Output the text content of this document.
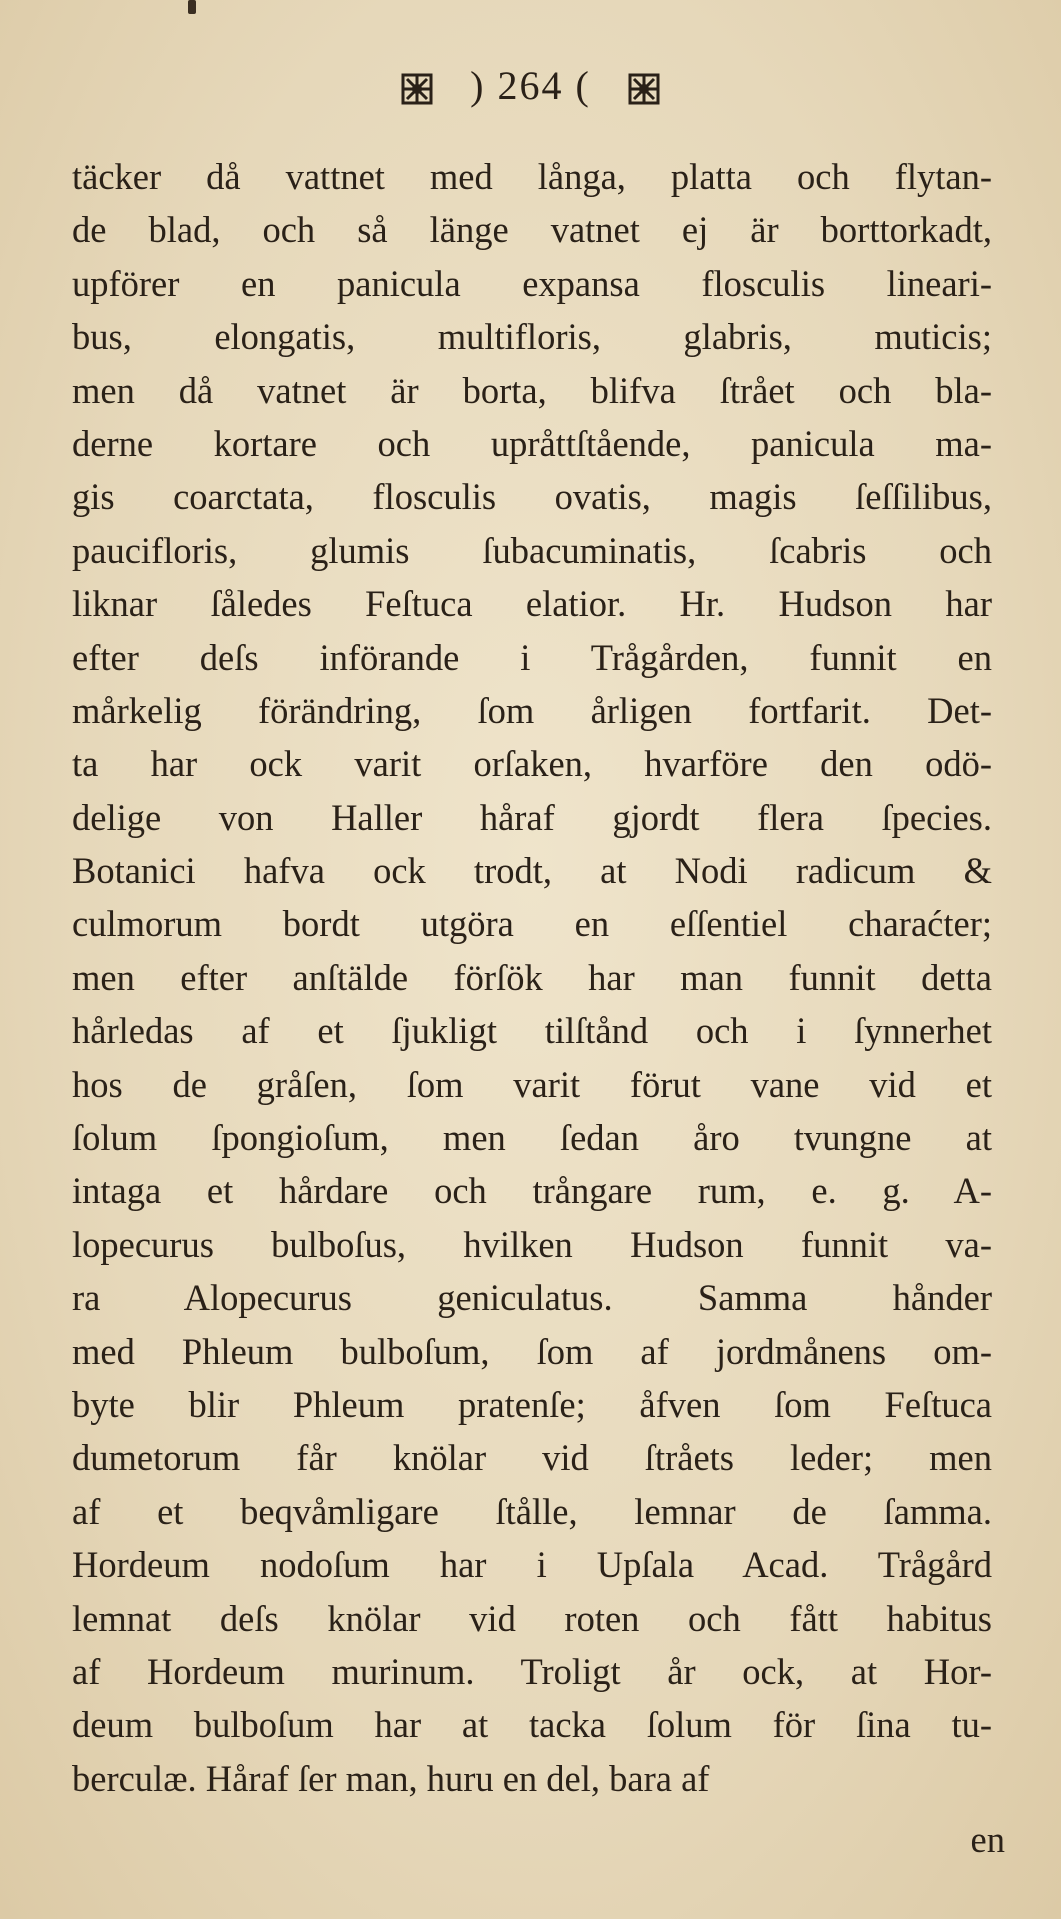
) 264 (
täcker då vattnet med långa, platta och flytan-
de blad, och så länge vatnet ej är borttorkadt,
upförer en panicula expansa flosculis lineari-
bus, elongatis, multifloris, glabris, muticis;
men då vatnet är borta, blifva ſtrået och bla-
derne kortare och upråttſtående, panicula ma-
gis coarctata, flosculis ovatis, magis ſeſſilibus,
paucifloris, glumis ſubacuminatis, ſcabris och
liknar ſåledes Feſtuca elatior. Hr. Hudson har
efter deſs införande i Trågården, funnit en
mårkelig förändring, ſom årligen fortfarit. Det-
ta har ock varit orſaken, hvarföre den odö-
delige von Haller håraf gjordt flera ſpecies.
Botanici hafva ock trodt, at Nodi radicum &
culmorum bordt utgöra en eſſentiel charaćter;
men efter anſtälde förſök har man funnit detta
hårledas af et ſjukligt tilſtånd och i ſynnerhet
hos de gråſen, ſom varit förut vane vid et
ſolum ſpongioſum, men ſedan åro tvungne at
intaga et hårdare och trångare rum, e. g. A-
lopecurus bulboſus, hvilken Hudson funnit va-
ra Alopecurus geniculatus. Samma hånder
med Phleum bulboſum, ſom af jordmånens om-
byte blir Phleum pratenſe; åfven ſom Feſtuca
dumetorum får knölar vid ſtråets leder; men
af et beqvåmligare ſtålle, lemnar de ſamma.
Hordeum nodoſum har i Upſala Acad. Trågård
lemnat deſs knölar vid roten och fått habitus
af Hordeum murinum. Troligt år ock, at Hor-
deum bulboſum har at tacka ſolum för ſina tu-
berculæ. Håraf ſer man, huru en del, bara af
en
